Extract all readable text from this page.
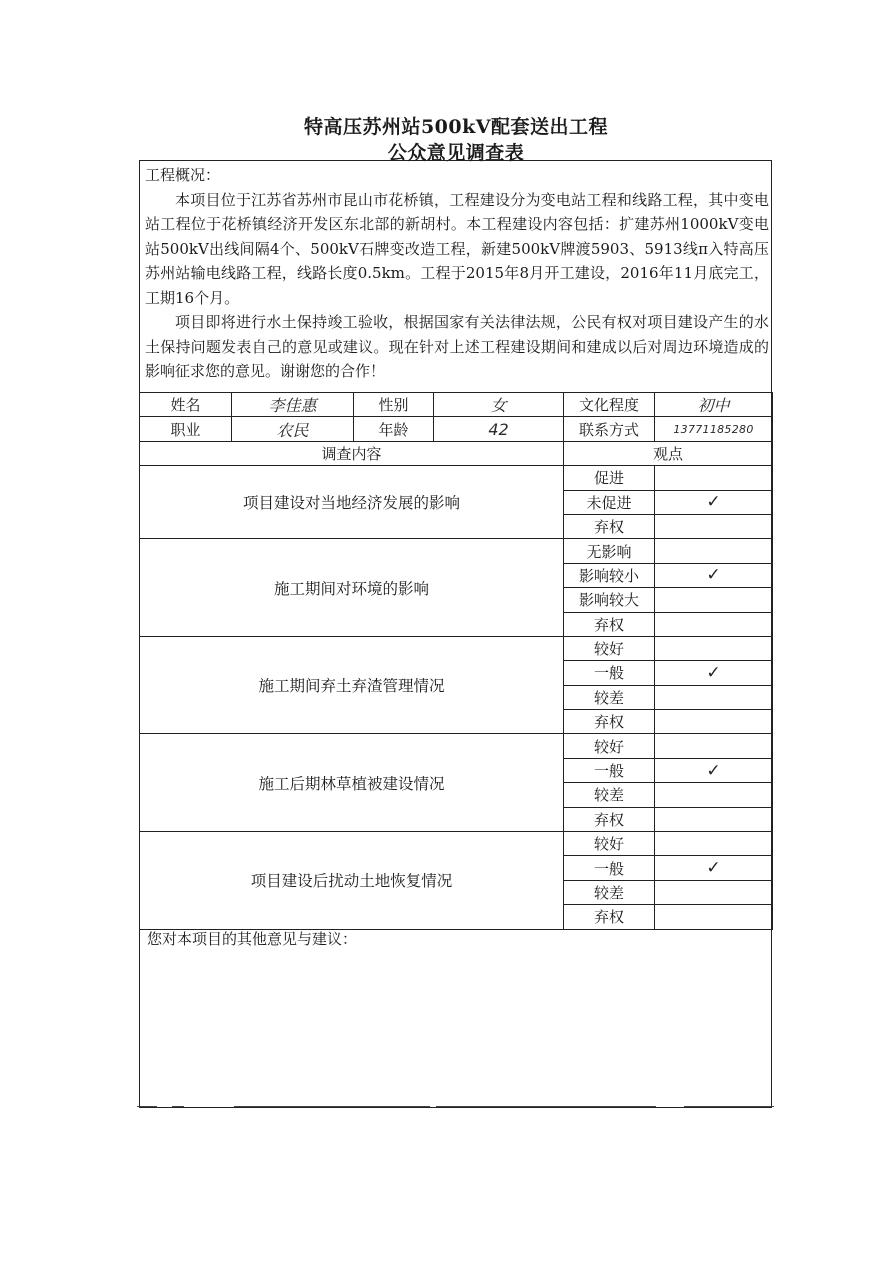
特高压苏州站500kV配套送出工程
公众意见调查表
工程概况：
本项目位于江苏省苏州市昆山市花桥镇，工程建设分为变电站工程和线路工程，其中变电站工程位于花桥镇经济开发区东北部的新胡村。本工程建设内容包括：扩建苏州1000kV变电站500kV出线间隔4个、500kV石牌变改造工程，新建500kV牌渡5903、5913线π入特高压苏州站输电线路工程，线路长度0.5km。工程于2015年8月开工建设，2016年11月底完工，工期16个月。
项目即将进行水土保持竣工验收，根据国家有关法律法规，公民有权对项目建设产生的水土保持问题发表自己的意见或建议。现在针对上述工程建设期间和建成以后对周边环境造成的影响征求您的意见。谢谢您的合作！
姓名	李佳惠	性别	女	文化程度	初中
职业	农民	年龄	42	联系方式	13771185280
调查内容				观点	
项目建设对当地经济发展的影响				促进	
				未促进	✓
				弃权	
施工期间对环境的影响				无影响	
				影响较小	✓
				影响较大	
				弃权	
施工期间弃土弃渣管理情况				较好	
				一般	✓
				较差	
				弃权	
施工后期林草植被建设情况				较好	
				一般	✓
				较差	
				弃权	
项目建设后扰动土地恢复情况				较好	
				一般	✓
				较差	
				弃权	
您对本项目的其他意见与建议：
